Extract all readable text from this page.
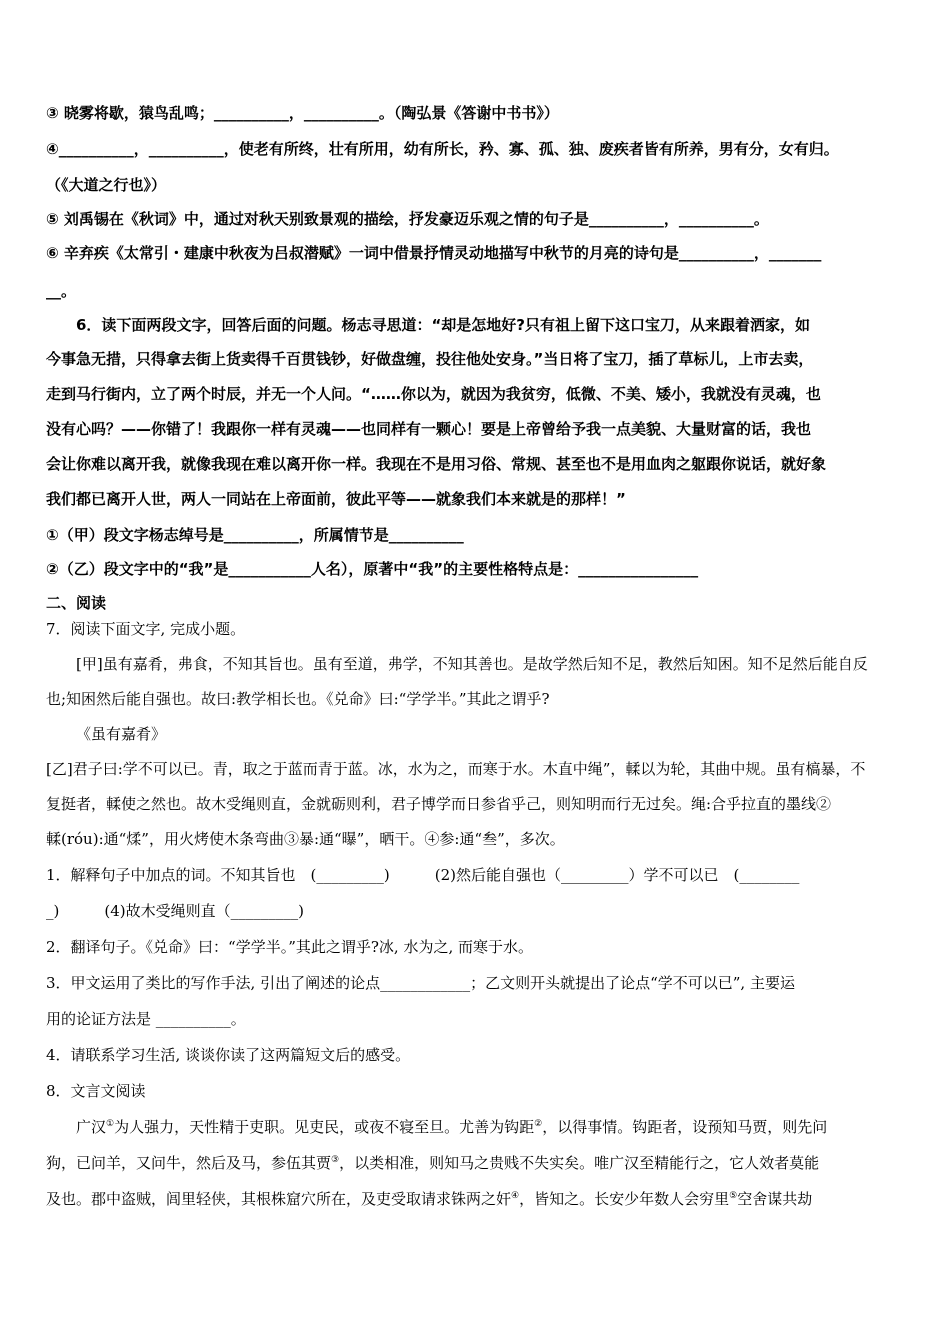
③ 晓雾将歇，猿鸟乱鸣；__________，__________。（陶弘景《答谢中书书》）
④__________，__________，使老有所终，壮有所用，幼有所长，矜、寡、孤、独、废疾者皆有所养，男有分，女有归。
（《大道之行也》）
⑤ 刘禹锡在《秋词》中，通过对秋天别致景观的描绘，抒发豪迈乐观之情的句子是__________，__________。
⑥ 辛弃疾《太常引・建康中秋夜为吕叔潜赋》一词中借景抒情灵动地描写中秋节的月亮的诗句是__________，_______
__。
6．读下面两段文字，回答后面的问题。杨志寻思道：“却是怎地好?只有祖上留下这口宝刀，从来跟着洒家，如
今事急无措，只得拿去街上货卖得千百贯钱钞，好做盘缠，投往他处安身。”当日将了宝刀，插了草标儿，上市去卖，
走到马行街内，立了两个时辰，并无一个人问。“……你以为，就因为我贫穷，低微、不美、矮小，我就没有灵魂，也
没有心吗？——你错了！我跟你一样有灵魂——也同样有一颗心！要是上帝曾给予我一点美貌、大量财富的话，我也
会让你难以离开我，就像我现在难以离开你一样。我现在不是用习俗、常规、甚至也不是用血肉之躯跟你说话，就好象
我们都已离开人世，两人一同站在上帝面前，彼此平等——就象我们本来就是的那样！”
①（甲）段文字杨志绰号是__________，所属情节是__________
②（乙）段文字中的“我”是___________人名），原著中“我”的主要性格特点是：________________
二、阅读
7．阅读下面文字, 完成小题。
[甲]虽有嘉肴，弗食，不知其旨也。虽有至道，弗学，不知其善也。是故学然后知不足，教然后知困。知不足然后能自反
也;知困然后能自强也。故曰:教学相长也。《兑命》曰:“学学半。”其此之谓乎?
《虽有嘉肴》
[乙]君子曰:学不可以已。青，取之于蓝而青于蓝。冰，水为之，而寒于水。木直中绳”，輮以为轮，其曲中规。虽有槁暴，不
复挺者，輮使之然也。故木受绳则直，金就砺则利，君子博学而日参省乎己，则知明而行无过矣。绳:合乎拉直的墨线②
輮(róu):通“煣”，用火烤使木条弯曲③暴:通“曝”，晒干。④参:通“叁”，多次。
1．解释句子中加点的词。不知其旨也　(_________)　　　(2)然后能自强也（_________）学不可以已　(________
_)　　　(4)故木受绳则直（_________)
2．翻译句子。《兑命》曰：“学学半。”其此之谓乎?冰, 水为之, 而寒于水。
3．甲文运用了类比的写作手法, 引出了阐述的论点____________；乙文则开头就提出了论点“学不可以已”, 主要运
用的论证方法是 __________。
4．请联系学习生活, 谈谈你读了这两篇短文后的感受。
8．文言文阅读
广汉①为人强力，天性精于吏职。见吏民，或夜不寝至旦。尤善为钩距②，以得事情。钩距者，设预知马贾，则先问
狗，已问羊，又问牛，然后及马，参伍其贾③，以类相准，则知马之贵贱不失实矣。唯广汉至精能行之，它人效者莫能
及也。郡中盗贼，闾里轻侠，其根株窟穴所在，及吏受取请求铢两之奸④，皆知之。长安少年数人会穷里⑤空舍谋共劫
